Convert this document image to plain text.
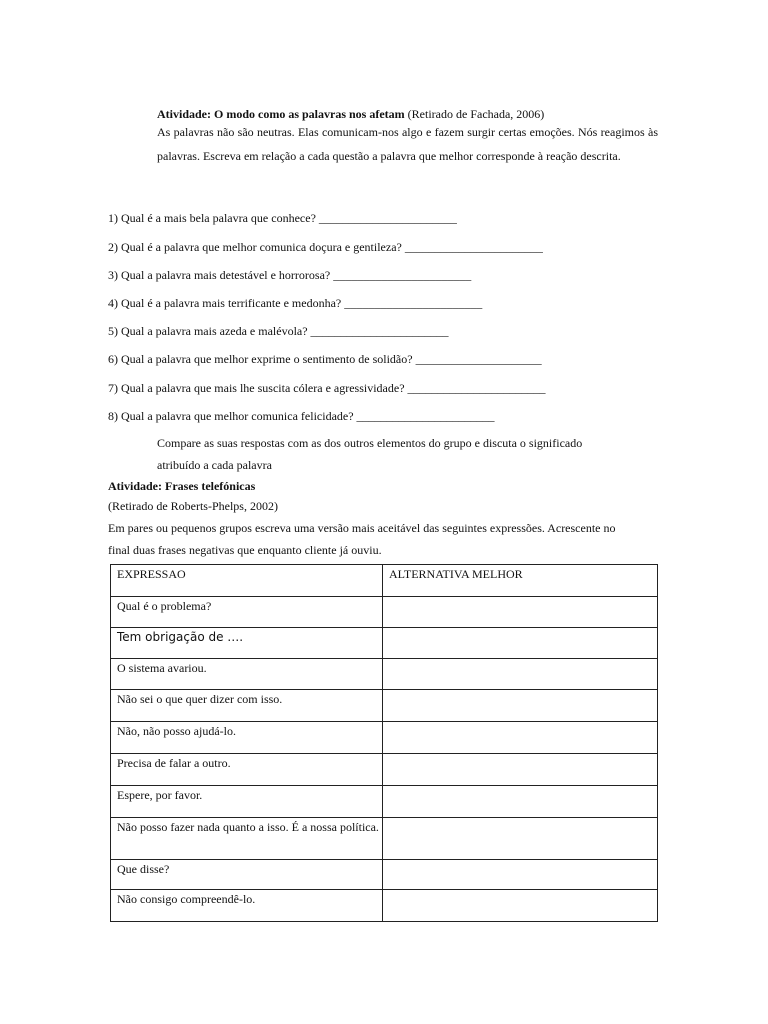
Atividade: O modo como as palavras nos afetam (Retirado de Fachada, 2006)
As palavras não são neutras. Elas comunicam-nos algo e fazem surgir certas emoções. Nós reagimos às palavras. Escreva em relação a cada questão a palavra que melhor corresponde à reação descrita.
1) Qual é a mais bela palavra que conhece? _______________________
2) Qual é a palavra que melhor comunica doçura e gentileza? _______________________
3) Qual a palavra mais detestável e horrorosa? _______________________
4) Qual é a palavra mais terrificante e medonha? _______________________
5) Qual a palavra mais azeda e malévola? _______________________
6) Qual a palavra que melhor exprime o sentimento de solidão? _____________________
7) Qual a palavra que mais lhe suscita cólera e agressividade? _______________________
8) Qual a palavra que melhor comunica felicidade? _______________________
Compare as suas respostas com as dos outros elementos do grupo e discuta o significado
atribuído a cada palavra
Atividade: Frases telefónicas
(Retirado de Roberts-Phelps, 2002)
Em pares ou pequenos grupos escreva uma versão mais aceitável das seguintes expressões. Acrescente no
final duas frases negativas que enquanto cliente já ouviu.
EXPRESSAO	ALTERNATIVA MELHOR
Qual é o problema?	
Tem obrigação de ….	
O sistema avariou.	
Não sei o que quer dizer com isso.	
Não, não posso ajudá-lo.	
Precisa de falar a outro.	
Espere, por favor.	
Não posso fazer nada quanto a isso. É a nossa política.	
Que disse?	
Não consigo compreendê-lo.	
